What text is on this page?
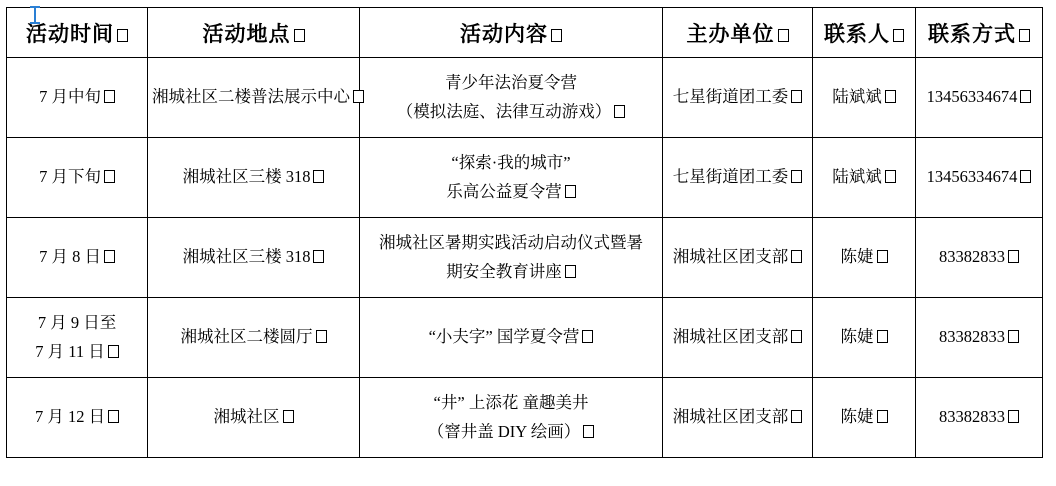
活动时间	活动地点	活动内容	主办单位	联系人	联系方式

7 月中旬	湘城社区二楼普法展示中心	青少年法治夏令营
（模拟法庭、法律互动游戏）	七星街道团工委	陆斌斌	13456334674

7 月下旬	湘城社区三楼 318	“探索·我的城市”
乐高公益夏令营	七星街道团工委	陆斌斌	13456334674

7 月 8 日	湘城社区三楼 318	湘城社区暑期实践活动启动仪式暨暑
期安全教育讲座	湘城社区团支部	陈婕	83382833

7 月 9 日至
7 月 11 日	湘城社区二楼圆厅	“小夫字” 国学夏令营	湘城社区团支部	陈婕	83382833

7 月 12 日	湘城社区	“井” 上添花 童趣美井
（窨井盖 DIY 绘画）	湘城社区团支部	陈婕	83382833
